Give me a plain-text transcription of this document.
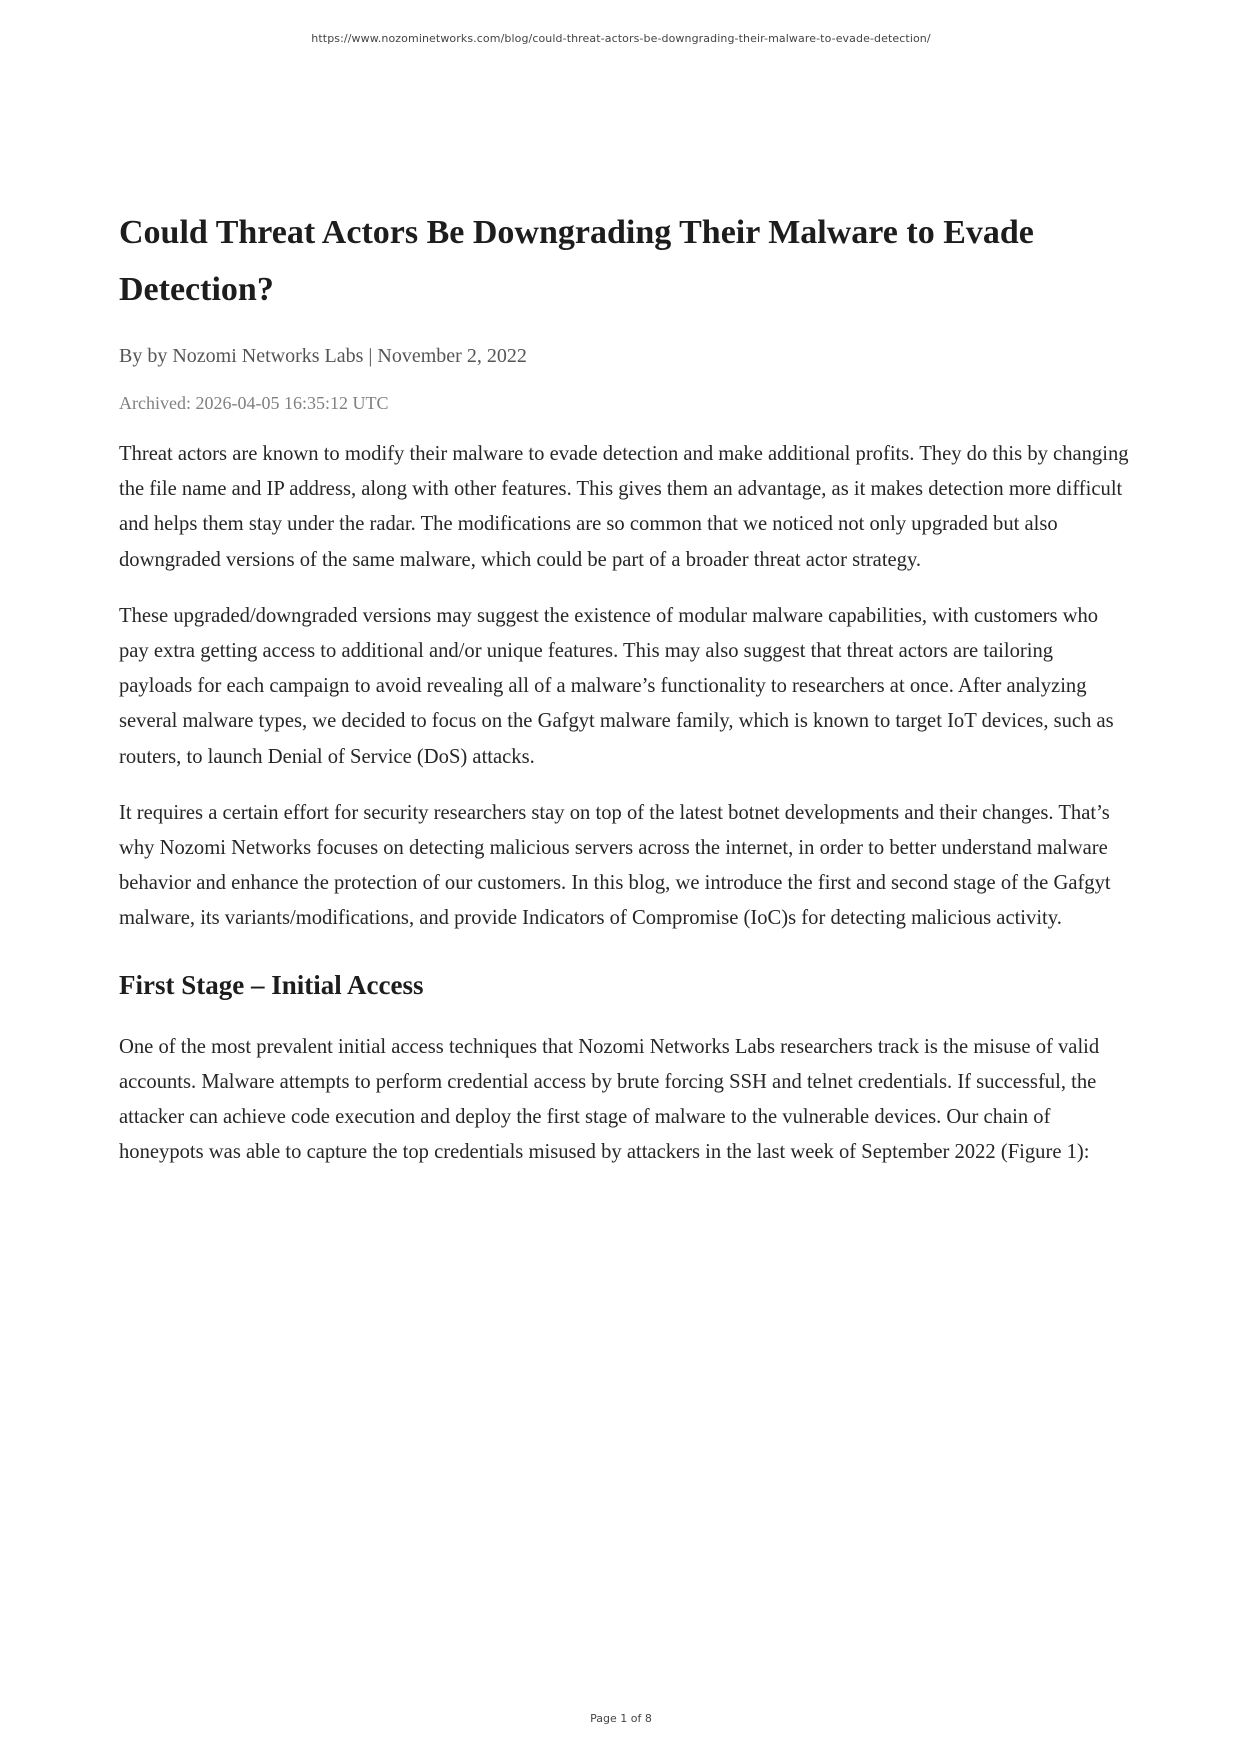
https://www.nozominetworks.com/blog/could-threat-actors-be-downgrading-their-malware-to-evade-detection/
Could Threat Actors Be Downgrading Their Malware to Evade Detection?
By by Nozomi Networks Labs | November 2, 2022
Archived: 2026-04-05 16:35:12 UTC

Threat actors are known to modify their malware to evade detection and make additional profits. They do this by changing the file name and IP address, along with other features. This gives them an advantage, as it makes detection more difficult and helps them stay under the radar. The modifications are so common that we noticed not only upgraded but also downgraded versions of the same malware, which could be part of a broader threat actor strategy.

These upgraded/downgraded versions may suggest the existence of modular malware capabilities, with customers who pay extra getting access to additional and/or unique features. This may also suggest that threat actors are tailoring payloads for each campaign to avoid revealing all of a malware’s functionality to researchers at once. After analyzing several malware types, we decided to focus on the Gafgyt malware family, which is known to target IoT devices, such as routers, to launch Denial of Service (DoS) attacks.

It requires a certain effort for security researchers stay on top of the latest botnet developments and their changes. That’s why Nozomi Networks focuses on detecting malicious servers across the internet, in order to better understand malware behavior and enhance the protection of our customers. In this blog, we introduce the first and second stage of the Gafgyt malware, its variants/modifications, and provide Indicators of Compromise (IoC)s for detecting malicious activity.

First Stage – Initial Access

One of the most prevalent initial access techniques that Nozomi Networks Labs researchers track is the misuse of valid accounts. Malware attempts to perform credential access by brute forcing SSH and telnet credentials. If successful, the attacker can achieve code execution and deploy the first stage of malware to the vulnerable devices. Our chain of honeypots was able to capture the top credentials misused by attackers in the last week of September 2022 (Figure 1):

Page 1 of 8
